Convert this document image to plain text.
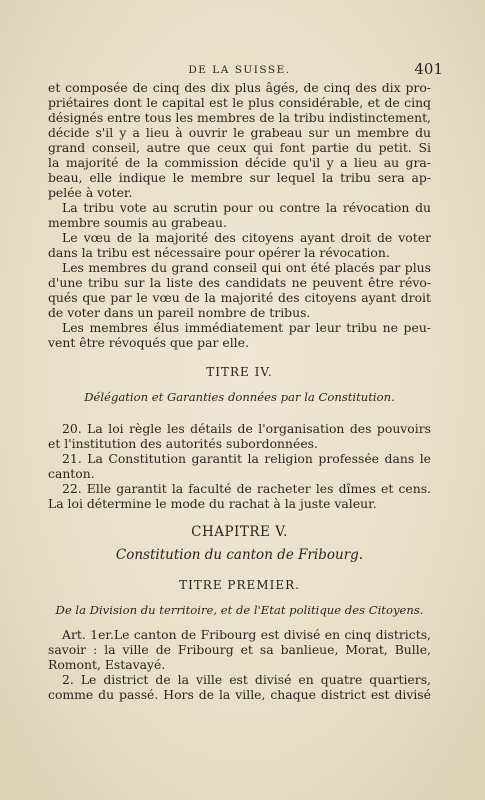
DE LA SUISSE.	401
et composée de cinq des dix plus âgés, de cinq des dix pro-
priétaires dont le capital est le plus considérable, et de cinq
désignés entre tous les membres de la tribu indistinctement,
décide s'il y a lieu à ouvrir le grabeau sur un membre du
grand conseil, autre que ceux qui font partie du petit. Si
la majorité de la commission décide qu'il y a lieu au gra-
beau, elle indique le membre sur lequel la tribu sera ap-
pelée à voter.
La tribu vote au scrutin pour ou contre la révocation du
membre soumis au grabeau.
Le vœu de la majorité des citoyens ayant droit de voter
dans la tribu est nécessaire pour opérer la révocation.
Les membres du grand conseil qui ont été placés par plus
d'une tribu sur la liste des candidats ne peuvent être révo-
qués que par le vœu de la majorité des citoyens ayant droit
de voter dans un pareil nombre de tribus.
Les membres élus immédiatement par leur tribu ne peu-
vent être révoqués que par elle.
TITRE IV.
Délégation et Garanties données par la Constitution.
20. La loi règle les détails de l'organisation des pouvoirs
et l'institution des autorités subordonnées.
21. La Constitution garantit la religion professée dans le
canton.
22. Elle garantit la faculté de racheter les dîmes et cens.
La loi détermine le mode du rachat à la juste valeur.
CHAPITRE V.
Constitution du canton de Fribourg.
TITRE PREMIER.
De la Division du territoire, et de l'Etat politique des Citoyens.
Art. 1er.Le canton de Fribourg est divisé en cinq districts,
savoir : la ville de Fribourg et sa banlieue, Morat, Bulle,
Romont, Estavayé.
2. Le district de la ville est divisé en quatre quartiers,
comme du passé. Hors de la ville, chaque district est divisé
